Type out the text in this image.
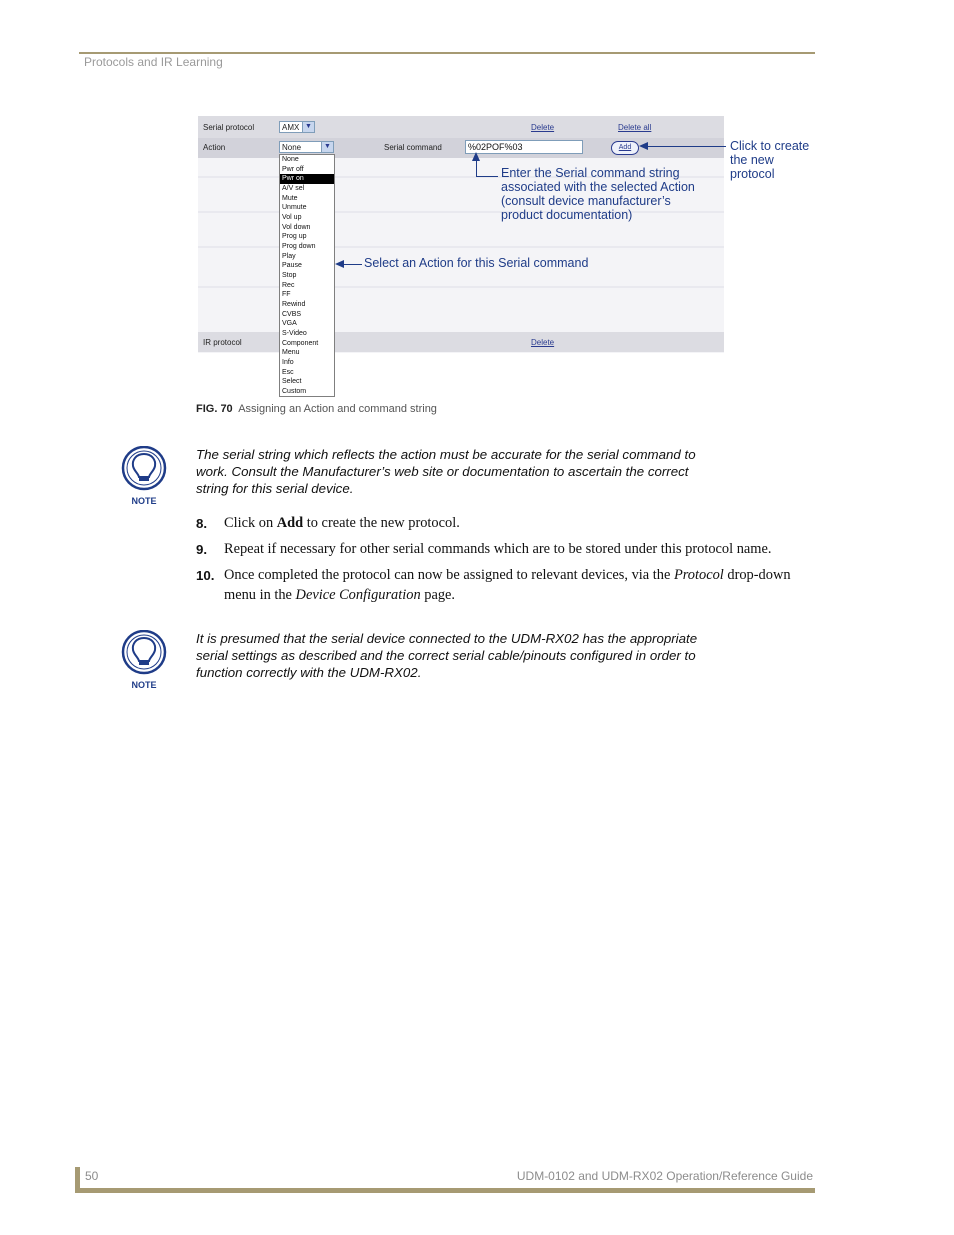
Protocols and IR Learning
Serial protocol	AMX ▼	Delete	Delete all
Action	None	▼	Serial command	%02POF%03	Add
IR protocol	Delete
None
Pwr off
Pwr on
A/V sel
Mute
Unmute
Vol up
Vol down
Prog up
Prog down
Play
Pause
Stop
Rec
FF
Rewind
CVBS
VGA
S-Video
Component
Menu
Info
Esc
Select
Custom
Click to create
the new
protocol
Enter the Serial command string
associated with the selected Action
(consult device manufacturer’s
product documentation)
Select an Action for this Serial command
FIG. 70 Assigning an Action and command string
NOTE
The serial string which reflects the action must be accurate for the serial command to
work. Consult the Manufacturer’s web site or documentation to ascertain the correct
string for this serial device.
8. Click on Add to create the new protocol.
9. Repeat if necessary for other serial commands which are to be stored under this protocol name.
10. Once completed the protocol can now be assigned to relevant devices, via the Protocol drop-down
menu in the Device Configuration page.
NOTE
It is presumed that the serial device connected to the UDM-RX02 has the appropriate
serial settings as described and the correct serial cable/pinouts configured in order to
function correctly with the UDM-RX02.
50	UDM-0102 and UDM-RX02 Operation/Reference Guide
